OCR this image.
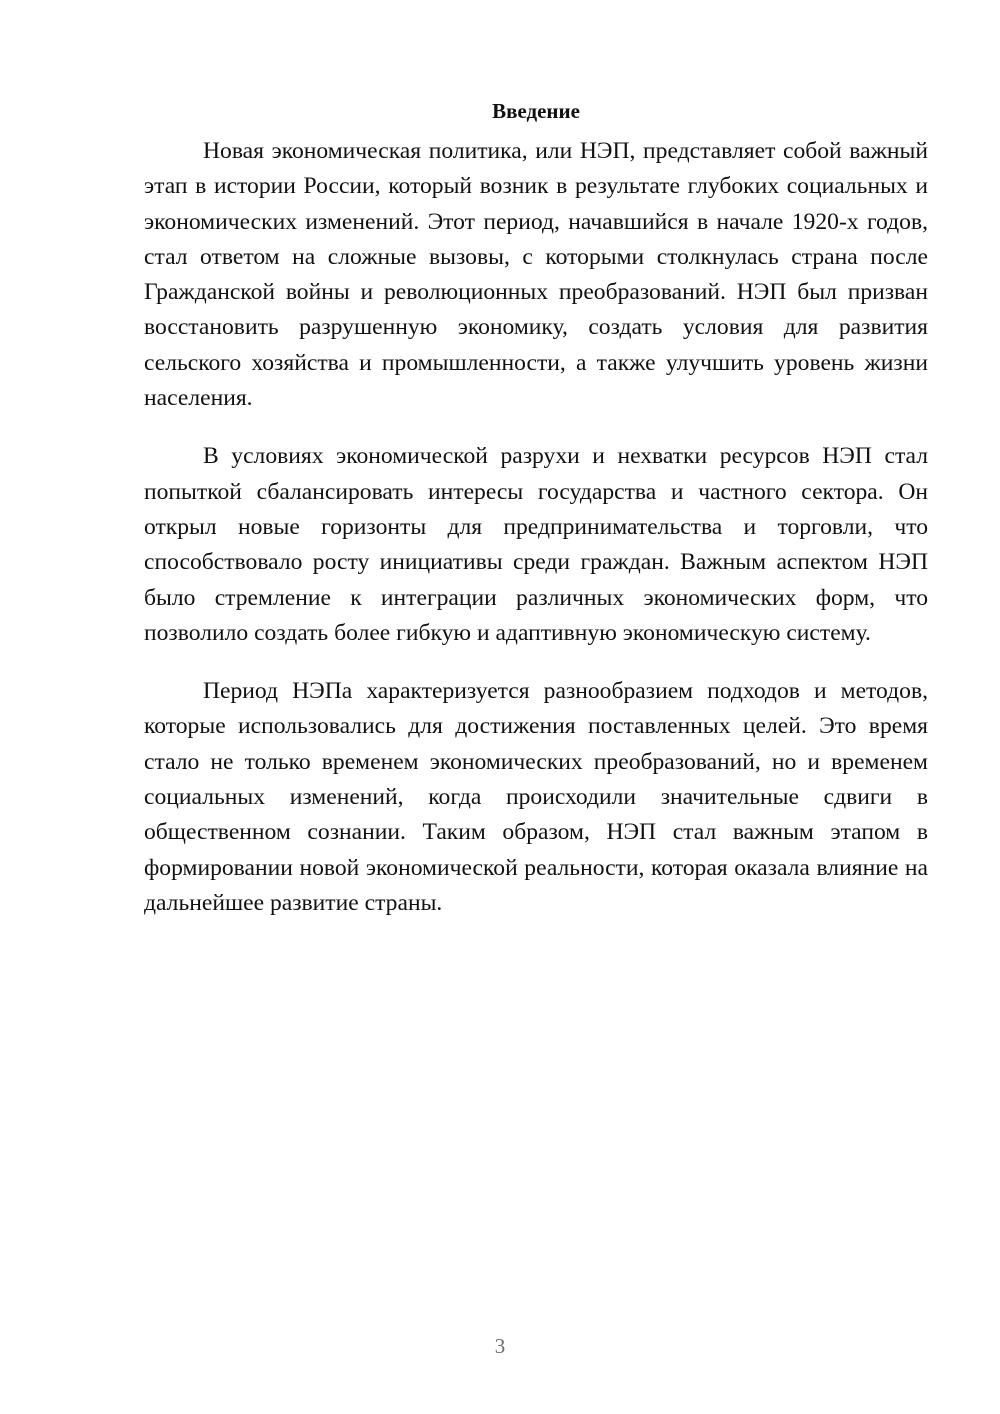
Введение

Новая экономическая политика, или НЭП, представляет собой важный этап в истории России, который возник в результате глубоких социальных и экономических изменений. Этот период, начавшийся в начале 1920-х годов, стал ответом на сложные вызовы, с которыми столкнулась страна после Гражданской войны и революционных преобразований. НЭП был призван восстановить разрушенную экономику, создать условия для развития сельского хозяйства и промышленности, а также улучшить уровень жизни населения.

В условиях экономической разрухи и нехватки ресурсов НЭП стал попыткой сбалансировать интересы государства и частного сектора. Он открыл новые горизонты для предпринимательства и торговли, что способствовало росту инициативы среди граждан. Важным аспектом НЭП было стремление к интеграции различных экономических форм, что позволило создать более гибкую и адаптивную экономическую систему.

Период НЭПа характеризуется разнообразием подходов и методов, которые использовались для достижения поставленных целей. Это время стало не только временем экономических преобразований, но и временем социальных изменений, когда происходили значительные сдвиги в общественном сознании. Таким образом, НЭП стал важным этапом в формировании новой экономической реальности, которая оказала влияние на дальнейшее развитие страны.

3
